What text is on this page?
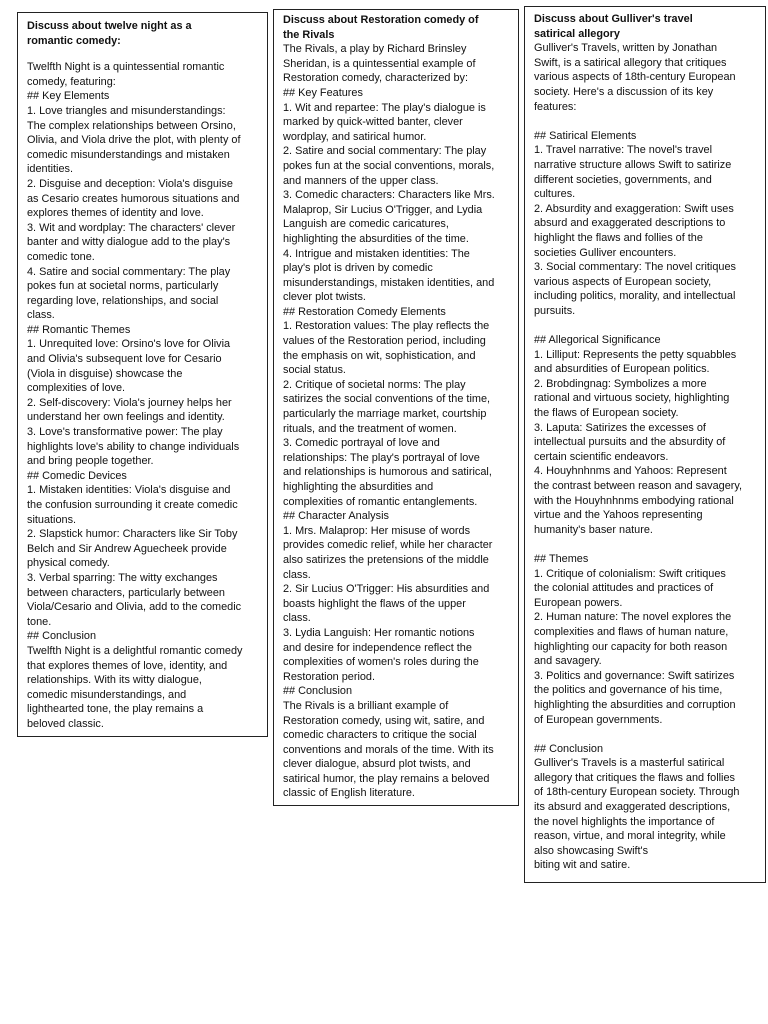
Discuss about twelve night as a
romantic comedy:
Twelfth Night is a quintessential romantic
comedy, featuring:
## Key Elements
1. Love triangles and misunderstandings:
The complex relationships between Orsino,
Olivia, and Viola drive the plot, with plenty of
comedic misunderstandings and mistaken
identities.
2. Disguise and deception: Viola's disguise
as Cesario creates humorous situations and
explores themes of identity and love.
3. Wit and wordplay: The characters' clever
banter and witty dialogue add to the play's
comedic tone.
4. Satire and social commentary: The play
pokes fun at societal norms, particularly
regarding love, relationships, and social
class.
## Romantic Themes
1. Unrequited love: Orsino's love for Olivia
and Olivia's subsequent love for Cesario
(Viola in disguise) showcase the
complexities of love.
2. Self-discovery: Viola's journey helps her
understand her own feelings and identity.
3. Love's transformative power: The play
highlights love's ability to change individuals
and bring people together.
## Comedic Devices
1. Mistaken identities: Viola's disguise and
the confusion surrounding it create comedic
situations.
2. Slapstick humor: Characters like Sir Toby
Belch and Sir Andrew Aguecheek provide
physical comedy.
3. Verbal sparring: The witty exchanges
between characters, particularly between
Viola/Cesario and Olivia, add to the comedic
tone.
## Conclusion
Twelfth Night is a delightful romantic comedy
that explores themes of love, identity, and
relationships. With its witty dialogue,
comedic misunderstandings, and
lighthearted tone, the play remains a
beloved classic.
Discuss about Restoration comedy of
the Rivals
The Rivals, a play by Richard Brinsley
Sheridan, is a quintessential example of
Restoration comedy, characterized by:
## Key Features
1. Wit and repartee: The play's dialogue is
marked by quick-witted banter, clever
wordplay, and satirical humor.
2. Satire and social commentary: The play
pokes fun at the social conventions, morals,
and manners of the upper class.
3. Comedic characters: Characters like Mrs.
Malaprop, Sir Lucius O'Trigger, and Lydia
Languish are comedic caricatures,
highlighting the absurdities of the time.
4. Intrigue and mistaken identities: The
play's plot is driven by comedic
misunderstandings, mistaken identities, and
clever plot twists.
## Restoration Comedy Elements
1. Restoration values: The play reflects the
values of the Restoration period, including
the emphasis on wit, sophistication, and
social status.
2. Critique of societal norms: The play
satirizes the social conventions of the time,
particularly the marriage market, courtship
rituals, and the treatment of women.
3. Comedic portrayal of love and
relationships: The play's portrayal of love
and relationships is humorous and satirical,
highlighting the absurdities and
complexities of romantic entanglements.
## Character Analysis
1. Mrs. Malaprop: Her misuse of words
provides comedic relief, while her character
also satirizes the pretensions of the middle
class.
2. Sir Lucius O'Trigger: His absurdities and
boasts highlight the flaws of the upper
class.
3. Lydia Languish: Her romantic notions
and desire for independence reflect the
complexities of women's roles during the
Restoration period.
## Conclusion
The Rivals is a brilliant example of
Restoration comedy, using wit, satire, and
comedic characters to critique the social
conventions and morals of the time. With its
clever dialogue, absurd plot twists, and
satirical humor, the play remains a beloved
classic of English literature.
Discuss about Gulliver's travel
satirical allegory
Gulliver's Travels, written by Jonathan
Swift, is a satirical allegory that critiques
various aspects of 18th-century European
society. Here's a discussion of its key
features:
## Satirical Elements
1. Travel narrative: The novel's travel
narrative structure allows Swift to satirize
different societies, governments, and
cultures.
2. Absurdity and exaggeration: Swift uses
absurd and exaggerated descriptions to
highlight the flaws and follies of the
societies Gulliver encounters.
3. Social commentary: The novel critiques
various aspects of European society,
including politics, morality, and intellectual
pursuits.
## Allegorical Significance
1. Lilliput: Represents the petty squabbles
and absurdities of European politics.
2. Brobdingnag: Symbolizes a more
rational and virtuous society, highlighting
the flaws of European society.
3. Laputa: Satirizes the excesses of
intellectual pursuits and the absurdity of
certain scientific endeavors.
4. Houyhnhnms and Yahoos: Represent
the contrast between reason and savagery,
with the Houyhnhnms embodying rational
virtue and the Yahoos representing
humanity's baser nature.
## Themes
1. Critique of colonialism: Swift critiques
the colonial attitudes and practices of
European powers.
2. Human nature: The novel explores the
complexities and flaws of human nature,
highlighting our capacity for both reason
and savagery.
3. Politics and governance: Swift satirizes
the politics and governance of his time,
highlighting the absurdities and corruption
of European governments.
## Conclusion
Gulliver's Travels is a masterful satirical
allegory that critiques the flaws and follies
of 18th-century European society. Through
its absurd and exaggerated descriptions,
the novel highlights the importance of
reason, virtue, and moral integrity, while
also showcasing Swift's
biting wit and satire.
